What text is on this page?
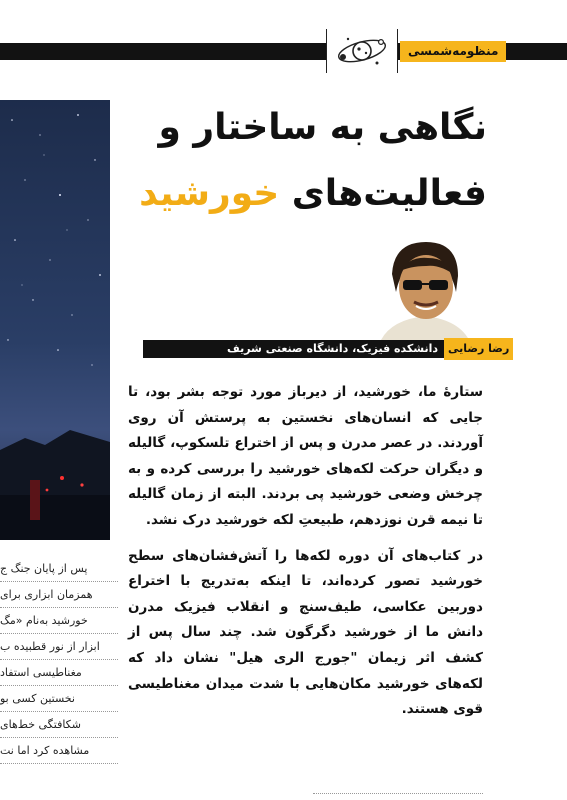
منظومه‌شمسی
نگاهی به ساختار و
فعالیت‌های خورشید
دانشکده فیزیک، دانشگاه صنعتی شریف رضا رضایی

ستارهٔ ما، خورشید، از دیرباز مورد توجه بشر بود، تا جایی که انسان‌های نخستین به پرستش آن روی آوردند. در عصر مدرن و پس از اختراع تلسکوپ، گالیله و دیگران حرکت لکه‌های خورشید را بررسی کرده و به چرخش وضعی خورشید پی بردند. البته از زمان گالیله تا نیمه قرن نوزدهم، طبیعتِ لکه خورشید درک نشد.

در کتاب‌های آن دوره لکه‌ها را آتش‌فشان‌های سطح خورشید تصور کرده‌اند، تا اینکه به‌تدریج با اختراع دوربین عکاسی، طیف‌سنج و انقلاب فیزیک مدرن دانش ما از خورشید دگرگون شد. چند سال پس از کشف اثر زیمان "جورج الری هیل" نشان داد که لکه‌های خورشید مکان‌هایی با شدت میدان مغناطیسی قوی هستند.

پس از پایان جنگ ج
همزمان ابزاری برای
خورشید به‌نام «مگ
ابزار از نور قطبیده ب
مغناطیسی استفاد
نخستین کسی بو
شکافتگی خط‌های
مشاهده کرد اما نت
